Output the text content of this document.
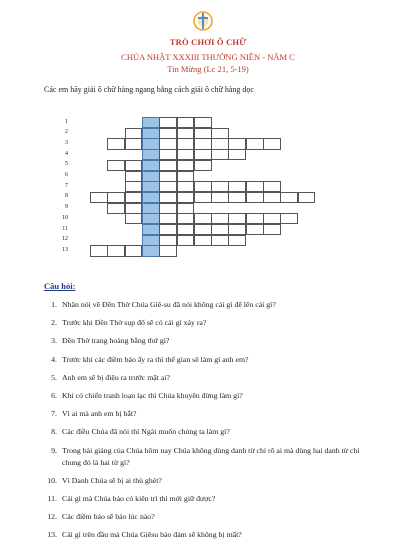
TRÒ CHƠI Ô CHỮ
CHÚA NHẬT XXXIII THƯỜNG NIÊN - NĂM C
Tin Mừng (Lc 21, 5-19)
Các em hãy giải ô chữ hàng ngang bằng cách giải ô chữ hàng dọc
1
2
3
4
5
6
7
8
9
10
11
12
13
Câu hỏi:
1. Nhân nói về Đền Thờ Chúa Giê-su đã nói không cái gì để lên cái gì?
2. Trước khi Đền Thờ sụp đổ sẽ có cái gì xảy ra?
3. Đền Thờ trang hoàng bằng thứ gì?
4. Trước khi các điềm báo ấy ra thì thế gian sẽ làm gì anh em?
5. Anh em sẽ bị điệu ra trước mặt ai?
6. Khi có chiến tranh loạn lạc thì Chúa khuyên đừng làm gì?
7. Vì ai mà anh em bị bắt?
8. Các điều Chúa đã nói thì Ngài muốn chúng ta làm gì?
9. Trong bài giảng của Chúa hôm nay Chúa không dùng danh từ chỉ rõ ai mà dùng hai danh từ chỉ chung đó là hai từ gì?
10. Vì Danh Chúa sẽ bị ai thù ghét?
11. Cái gì mà Chúa bảo có kiên trì thì mới giữ được?
12. Các điềm báo sẽ báo lúc nào?
13. Cái gì trên đầu mà Chúa Giêsu bảo đảm sẽ không bị mất?
